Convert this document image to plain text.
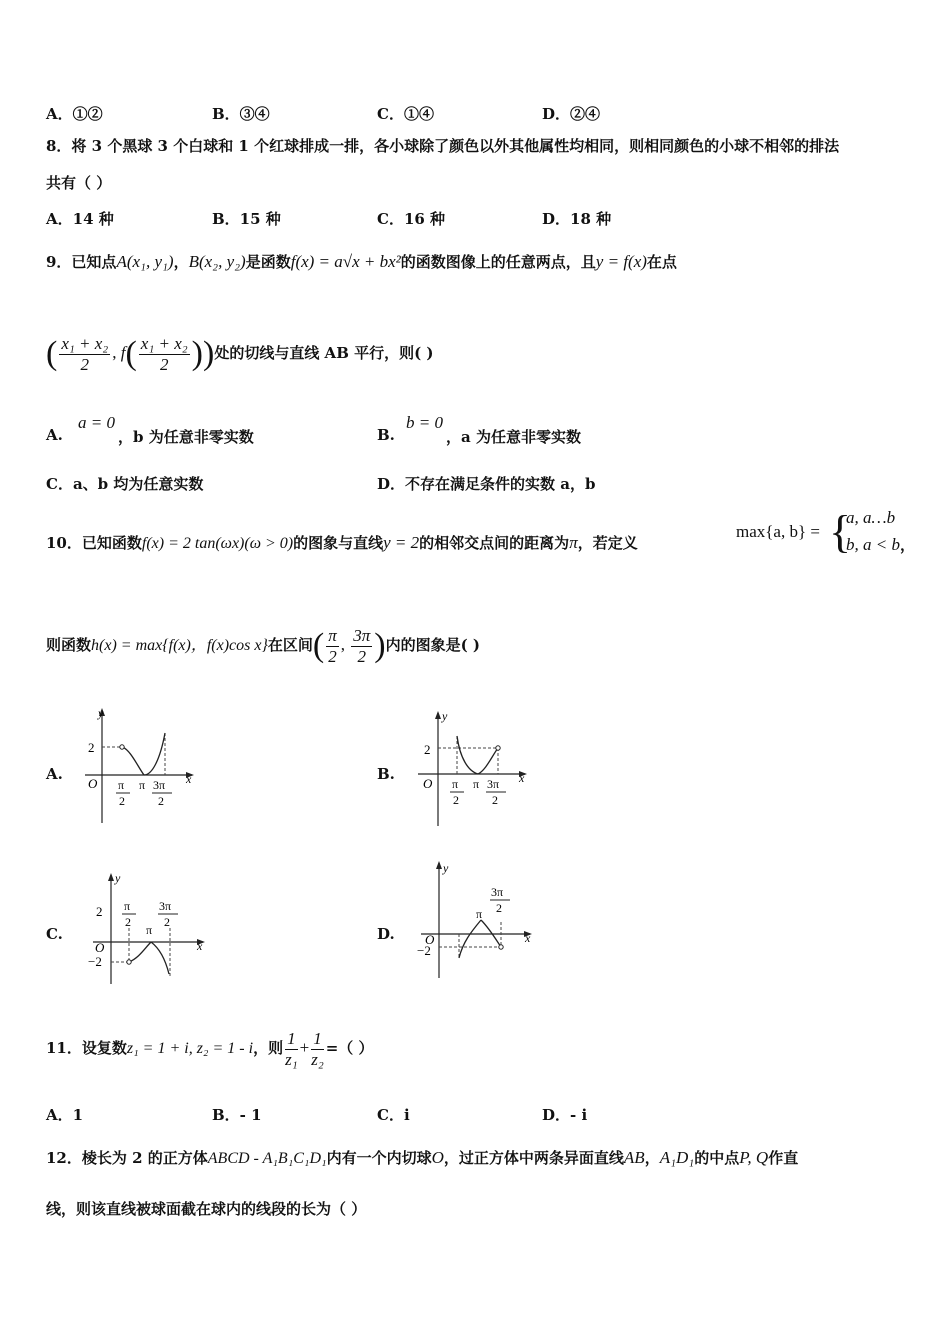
A．①②	B．③④	C．①④	D．②④
8．将 3 个黑球 3 个白球和 1 个红球排成一排，各小球除了颜色以外其他属性均相同，则相同颜色的小球不相邻的排法
共有（ ）
A．14 种	B．15 种	C．16 种	D．18 种
9．已知点A(x₁, y₁)，B(x₂, y₂)是函数f(x) = a√x + bx²的函数图像上的任意两点，且y = f(x)在点
( $\frac{\text{x₁ + x₂}}{2}$ , $f( \frac{\text{x₁ + x₂}}{2}$ ))处的切线与直线 AB 平行，则( )
A.
a = 0
，b 为任意非零实数	B.
b = 0
，a 为任意非零实数
C．a、b 均为任意实数	D．不存在满足条件的实数 a，b
10．已知函数f(x) = 2 tan(ωx)(ω > 0)的图象与直线y = 2的相邻交点间的距离为π，若定义
max{a, b} = {
a, a…b
b, a < b，
则函数h(x) = max{f(x)，f(x)cos x}在区间( $\frac{\pi}{2}$ , $\frac{3\pi}{2}$ )内的图象是( )
A.	B.
C.	D.
y
x
O
2
π
2
π 3π
2
y
x
O
2
π
2
π 3π
2
y
x
O
2
−2
π
2
π
3π
2
y
x
O
−2
π
3π
2
11．设复数z₁ = 1 + i, z₂ = 1 - i，则 $\frac{1}{\text{z₁}} + \frac{1}{\text{z₂}}$ =（ ）
A．1	B．- 1	C．i	D．- i
12．棱长为 2 的正方体ABCD - A₁B₁C₁D₁内有一个内切球O，过正方体中两条异面直线AB，A₁D₁的中点P, Q作直
线，则该直线被球面截在球内的线段的长为（ ）
